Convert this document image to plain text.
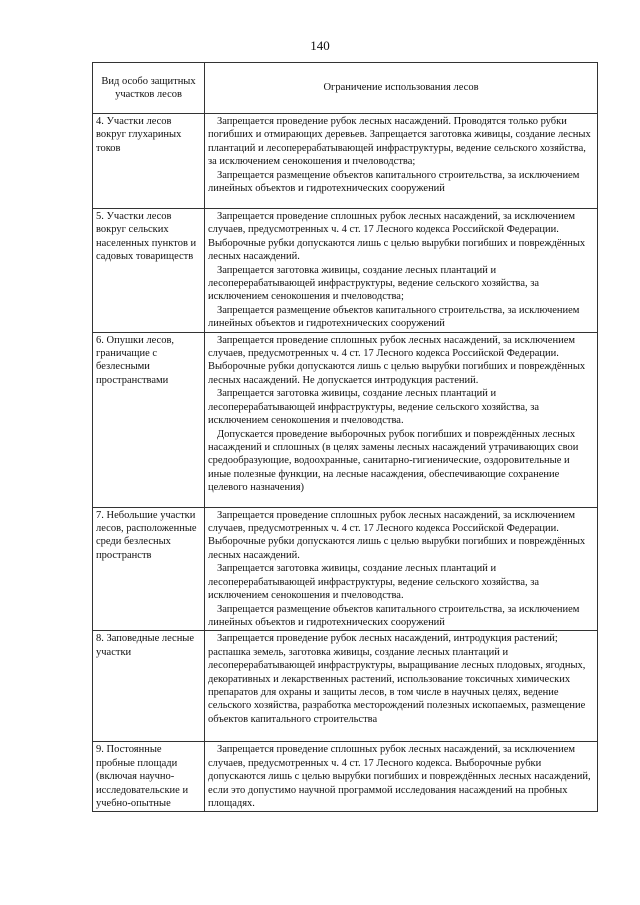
140
Вид особо защитных участков лесов	Ограничение использования лесов
4. Участки лесов вокруг глухариных токов	Запрещается проведение рубок лесных насаждений. Проводятся только рубки погибших и отмирающих деревьев. Запрещается заготовка живицы, создание лесных плантаций и лесоперерабатывающей инфраструктуры, ведение сельского хозяйства, за исключением сенокошения и пчеловодства;

Запрещается размещение объектов капитального строительства, за исключением линейных объектов и гидротехнических сооружений

5. Участки лесов вокруг сельских населенных пунктов и садовых товариществ	Запрещается проведение сплошных рубок лесных насаждений, за исключением случаев, предусмотренных ч. 4 ст. 17 Лесного кодекса Российской Федерации. Выборочные рубки допускаются лишь с целью вырубки погибших и повреждённых лесных насаждений.

Запрещается заготовка живицы, создание лесных плантаций и лесоперерабатывающей инфраструктуры, ведение сельского хозяйства, за исключением сенокошения и пчеловодства;

Запрещается размещение объектов капитального строительства, за исключением линейных объектов и гидротехнических сооружений

6. Опушки лесов, граничащие с безлесными пространствами	Запрещается проведение сплошных рубок лесных насаждений, за исключением случаев, предусмотренных ч. 4 ст. 17 Лесного кодекса Российской Федерации. Выборочные рубки допускаются лишь с целью вырубки погибших и повреждённых лесных насаждений. Не допускается интродукция растений.

Запрещается заготовка живицы, создание лесных плантаций и лесоперерабатывающей инфраструктуры, ведение сельского хозяйства, за исключением сенокошения и пчеловодства.

Допускается проведение выборочных рубок погибших и повреждённых лесных насаждений и сплошных (в целях замены лесных насаждений утрачивающих свои средообразующие, водоохранные, санитарно-гигиенические, оздоровительные и иные полезные функции, на лесные насаждения, обеспечивающие сохранение целевого назначения)

7. Небольшие участки лесов, расположенные среди безлесных пространств	Запрещается проведение сплошных рубок лесных насаждений, за исключением случаев, предусмотренных ч. 4 ст. 17 Лесного кодекса Российской Федерации. Выборочные рубки допускаются лишь с целью вырубки погибших и повреждённых лесных насаждений.

Запрещается заготовка живицы, создание лесных плантаций и лесоперерабатывающей инфраструктуры, ведение сельского хозяйства, за исключением сенокошения и пчеловодства.

Запрещается размещение объектов капитального строительства, за исключением линейных объектов и гидротехнических сооружений

8. Заповедные лесные участки	Запрещается проведение рубок лесных насаждений, интродукция растений; распашка земель, заготовка живицы, создание лесных плантаций и лесоперерабатывающей инфраструктуры, выращивание лесных плодовых, ягодных, декоративных и лекарственных растений, использование токсичных химических препаратов для охраны и защиты лесов, в том числе в научных целях, ведение сельского хозяйства, разработка месторождений полезных ископаемых, размещение объектов капитального строительства

9. Постоянные пробные площади (включая научно-исследовательские и учебно-опытные	Запрещается проведение сплошных рубок лесных насаждений, за исключением случаев, предусмотренных ч. 4 ст. 17 Лесного кодекса. Выборочные рубки допускаются лишь с целью вырубки погибших и повреждённых лесных насаждений, если это допустимо научной программой исследования насаждений на пробных площадях.
